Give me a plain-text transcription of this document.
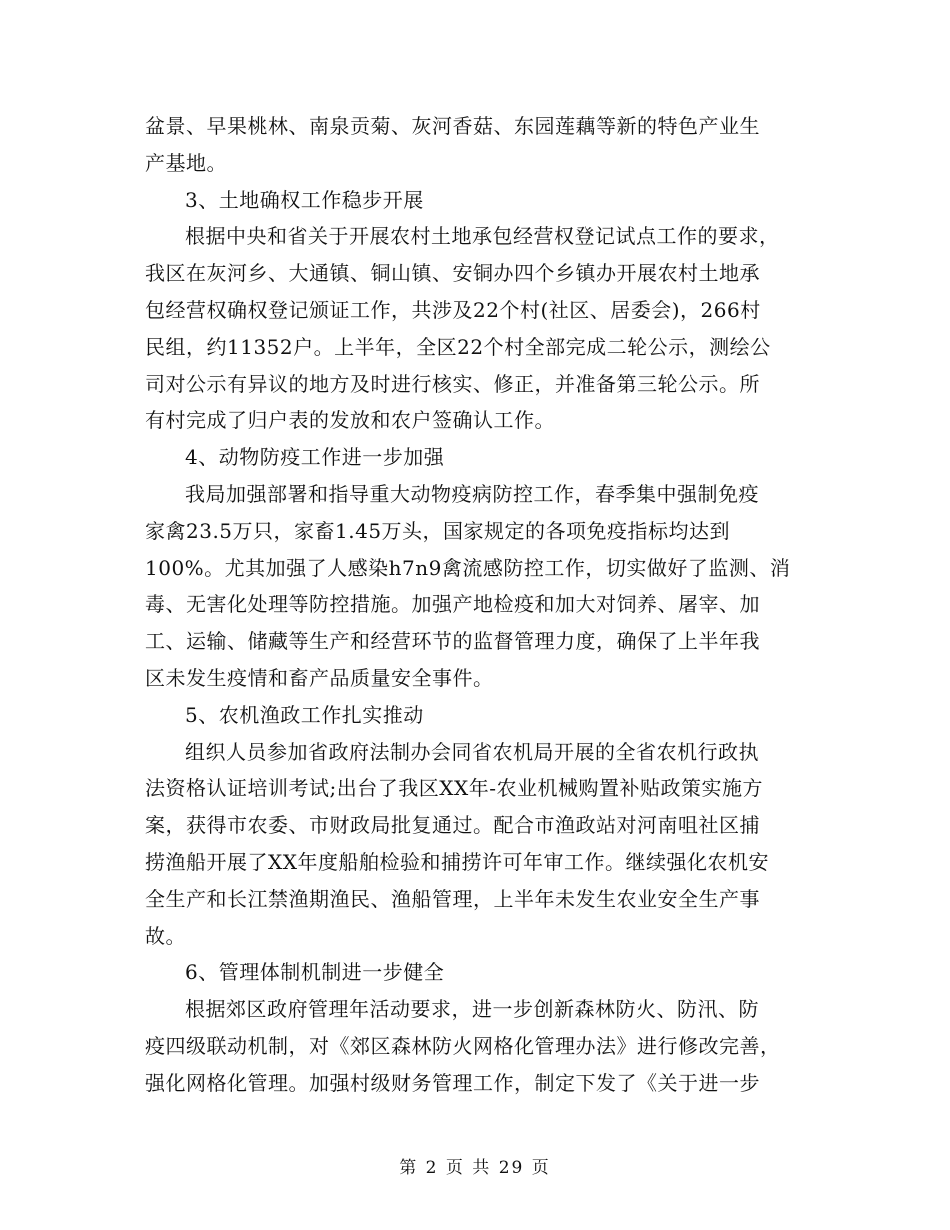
盆景、早果桃林、南泉贡菊、灰河香菇、东园莲藕等新的特色产业生
产基地。
3、土地确权工作稳步开展
根据中央和省关于开展农村土地承包经营权登记试点工作的要求，
我区在灰河乡、大通镇、铜山镇、安铜办四个乡镇办开展农村土地承
包经营权确权登记颁证工作，共涉及22个村(社区、居委会)，266村
民组，约11352户。上半年，全区22个村全部完成二轮公示，测绘公
司对公示有异议的地方及时进行核实、修正，并准备第三轮公示。所
有村完成了归户表的发放和农户签确认工作。
4、动物防疫工作进一步加强
我局加强部署和指导重大动物疫病防控工作，春季集中强制免疫
家禽23.5万只，家畜1.45万头，国家规定的各项免疫指标均达到
100%。尤其加强了人感染h7n9禽流感防控工作，切实做好了监测、消
毒、无害化处理等防控措施。加强产地检疫和加大对饲养、屠宰、加
工、运输、储藏等生产和经营环节的监督管理力度，确保了上半年我
区未发生疫情和畜产品质量安全事件。
5、农机渔政工作扎实推动
组织人员参加省政府法制办会同省农机局开展的全省农机行政执
法资格认证培训考试;出台了我区XX年-农业机械购置补贴政策实施方
案，获得市农委、市财政局批复通过。配合市渔政站对河南咀社区捕
捞渔船开展了XX年度船舶检验和捕捞许可年审工作。继续强化农机安
全生产和长江禁渔期渔民、渔船管理，上半年未发生农业安全生产事
故。
6、管理体制机制进一步健全
根据郊区政府管理年活动要求，进一步创新森林防火、防汛、防
疫四级联动机制，对《郊区森林防火网格化管理办法》进行修改完善，
强化网格化管理。加强村级财务管理工作，制定下发了《关于进一步
第 2 页 共 29 页
